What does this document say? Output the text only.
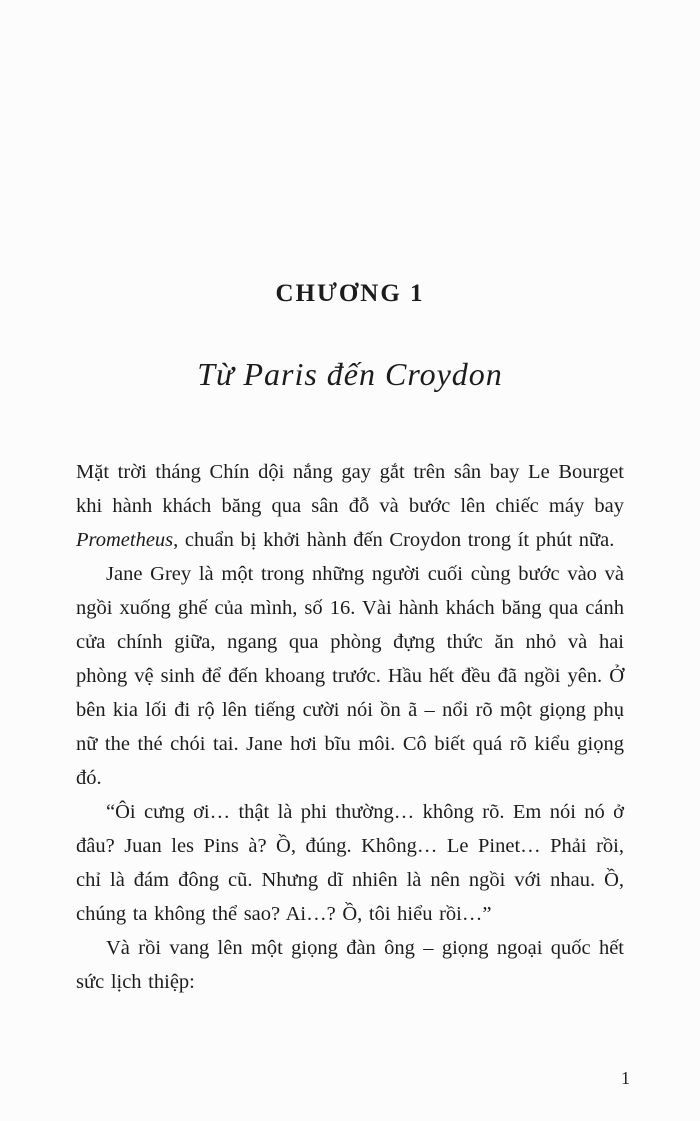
CHƯƠNG 1
Từ Paris đến Croydon

Mặt trời tháng Chín dội nắng gay gắt trên sân bay Le Bourget khi hành khách băng qua sân đỗ và bước lên chiếc máy bay Prometheus, chuẩn bị khởi hành đến Croydon trong ít phút nữa.

Jane Grey là một trong những người cuối cùng bước vào và ngồi xuống ghế của mình, số 16. Vài hành khách băng qua cánh cửa chính giữa, ngang qua phòng đựng thức ăn nhỏ và hai phòng vệ sinh để đến khoang trước. Hầu hết đều đã ngồi yên. Ở bên kia lối đi rộ lên tiếng cười nói ồn ã – nổi rõ một giọng phụ nữ the thé chói tai. Jane hơi bĩu môi. Cô biết quá rõ kiểu giọng đó.

“Ôi cưng ơi… thật là phi thường… không rõ. Em nói nó ở đâu? Juan les Pins à? Ồ, đúng. Không… Le Pinet… Phải rồi, chỉ là đám đông cũ. Nhưng dĩ nhiên là nên ngồi với nhau. Ồ, chúng ta không thể sao? Ai…? Ồ, tôi hiểu rồi…”

Và rồi vang lên một giọng đàn ông – giọng ngoại quốc hết sức lịch thiệp:

1
